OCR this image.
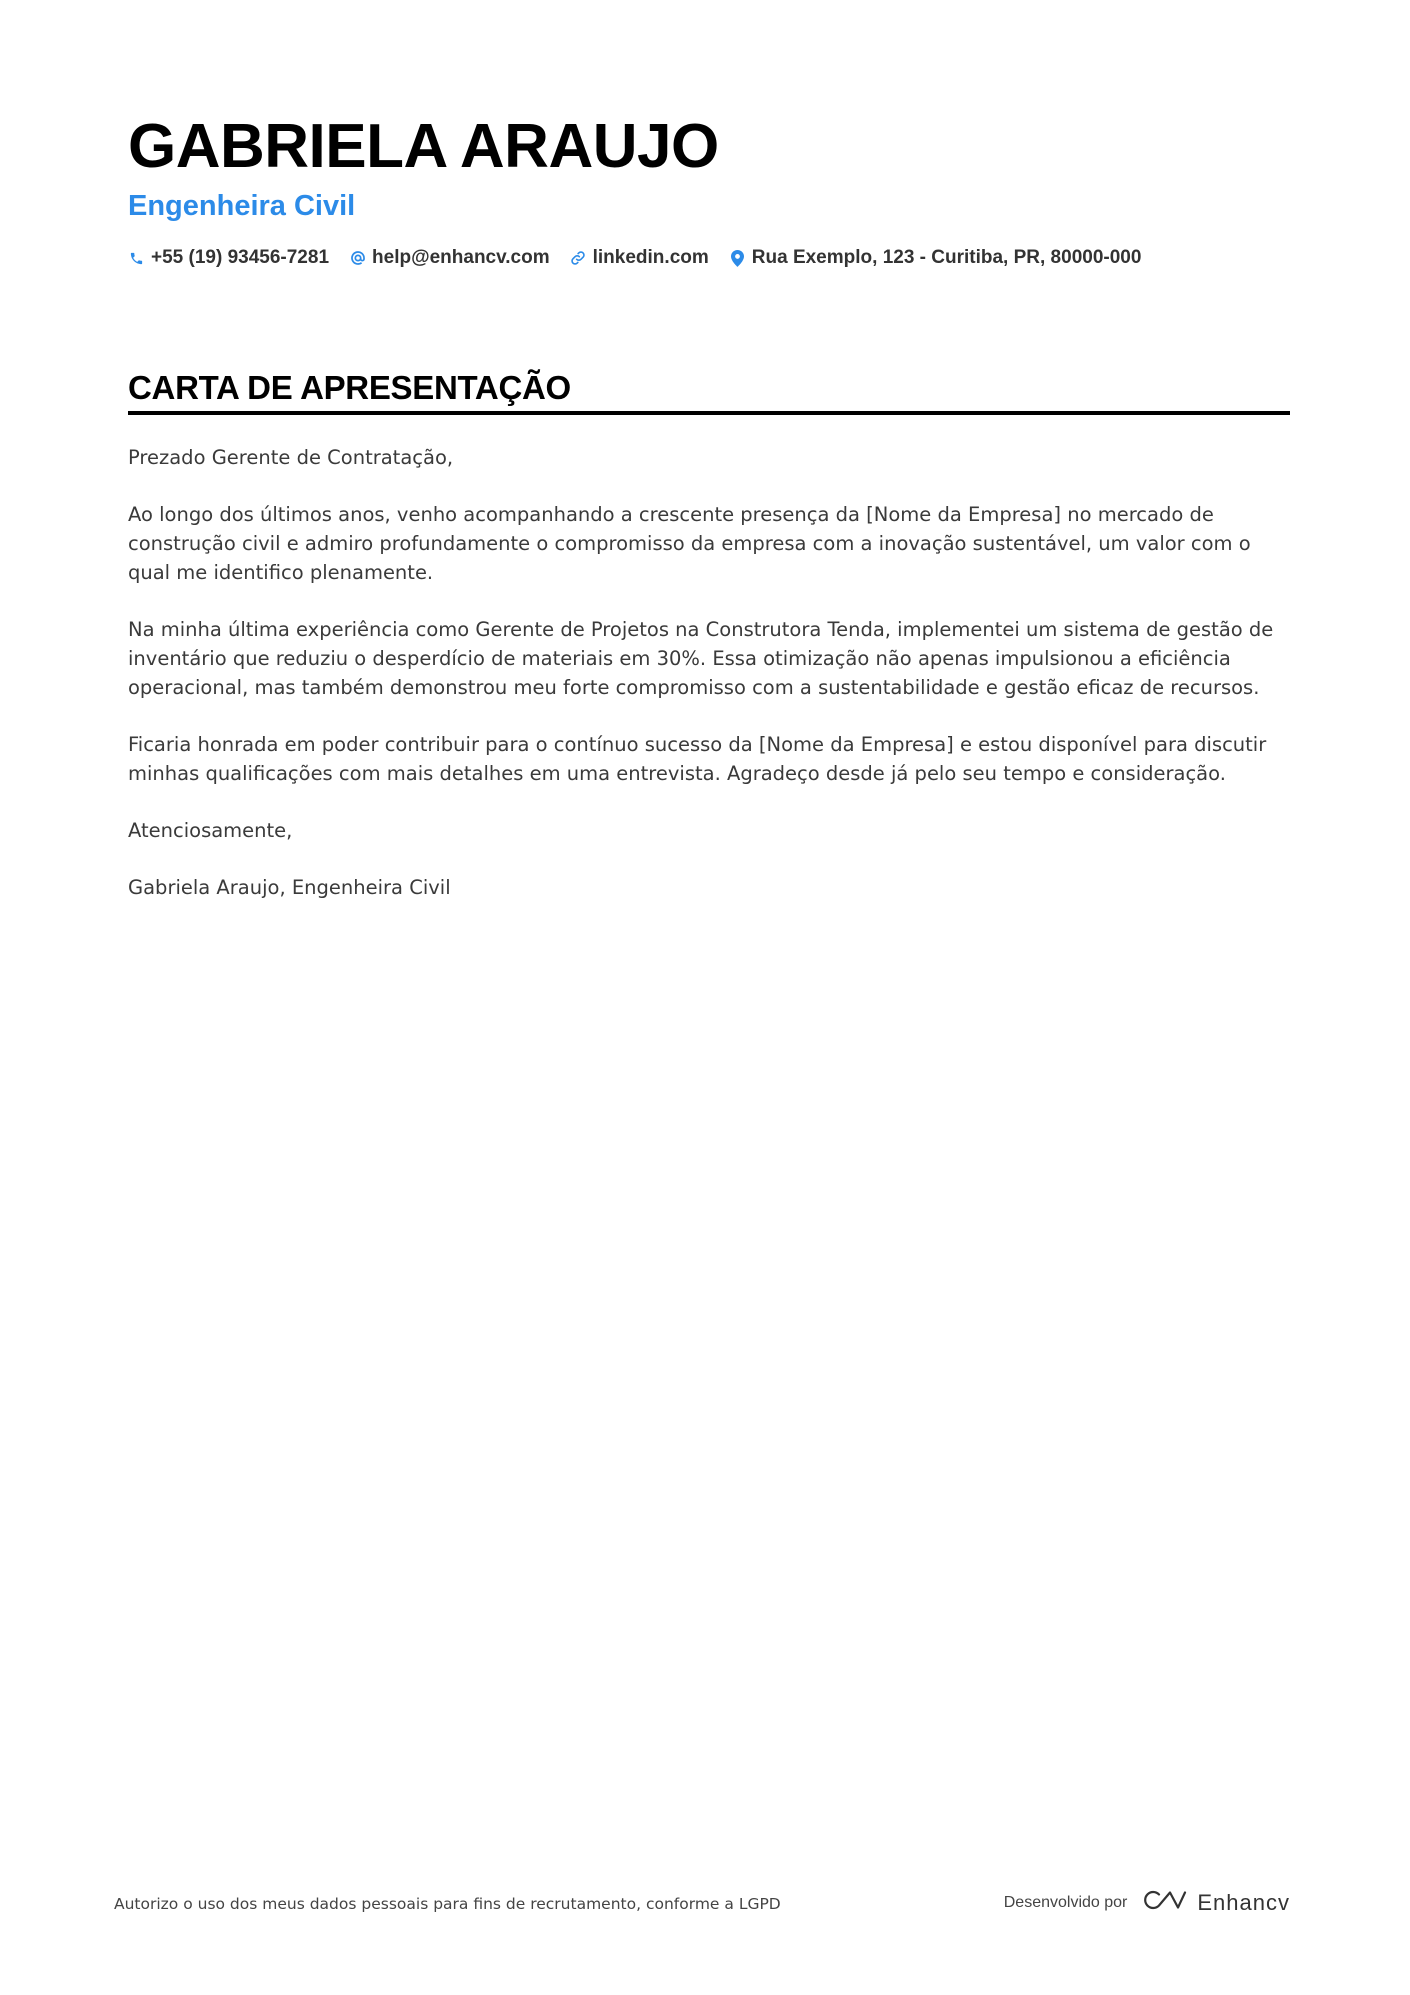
GABRIELA ARAUJO
Engenheira Civil
+55 (19) 93456-7281 help@enhancv.com linkedin.com Rua Exemplo, 123 - Curitiba, PR, 80000-000
CARTA DE APRESENTAÇÃO

Prezado Gerente de Contratação,

Ao longo dos últimos anos, venho acompanhando a crescente presença da [Nome da Empresa] no mercado de construção civil e admiro profundamente o compromisso da empresa com a inovação sustentável, um valor com o qual me identifico plenamente.

Na minha última experiência como Gerente de Projetos na Construtora Tenda, implementei um sistema de gestão de inventário que reduziu o desperdício de materiais em 30%. Essa otimização não apenas impulsionou a eficiência operacional, mas também demonstrou meu forte compromisso com a sustentabilidade e gestão eficaz de recursos.

Ficaria honrada em poder contribuir para o contínuo sucesso da [Nome da Empresa] e estou disponível para discutir minhas qualificações com mais detalhes em uma entrevista. Agradeço desde já pelo seu tempo e consideração.

Atenciosamente,

Gabriela Araujo, Engenheira Civil

Autorizo o uso dos meus dados pessoais para fins de recrutamento, conforme a LGPD	Desenvolvido por	Enhancv
